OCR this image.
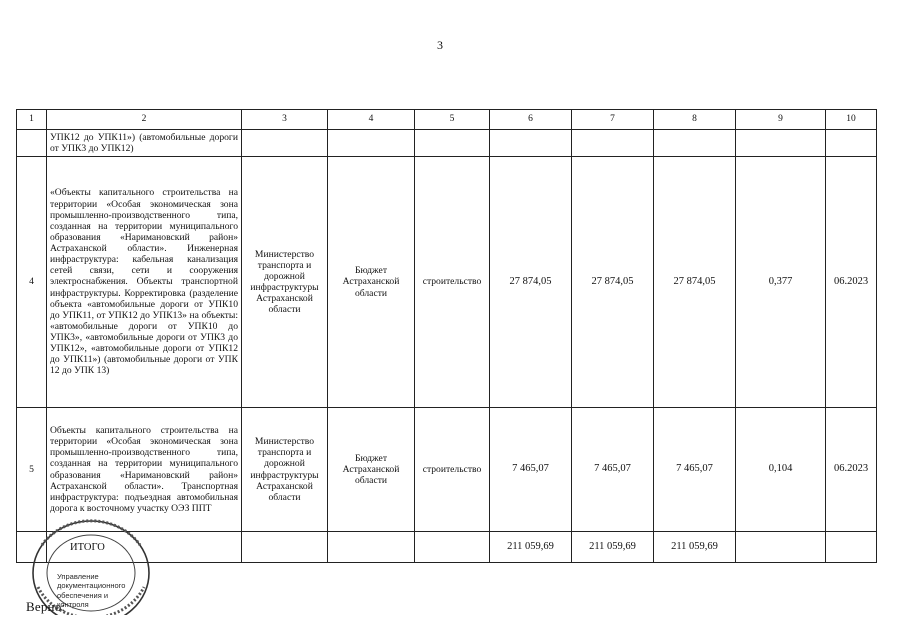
3
1	2	3	4	5	6	7	8	9	10
	УПК12 до УПК11») (автомобильные дороги от УПК3 до УПК12)								
4	«Объекты капитального строительства на территории «Особая экономическая зона промышленно-производственного типа, созданная на территории муниципального образования «Наримановский район» Астраханской области». Инженерная инфраструктура: кабельная канализация сетей связи, сети и сооружения электроснабжения. Объекты транспортной инфраструктуры. Корректировка (разделение объекта «автомобильные дороги от УПК10 до УПК11, от УПК12 до УПК13» на объекты: «автомобильные дороги от УПК10 до УПК3», «автомобильные дороги от УПК3 до УПК12», «автомобильные дороги от УПК12 до УПК11») (автомобильные дороги от УПК 12 до УПК 13)	Министерство транспорта и дорожной инфраструктуры Астраханской области	Бюджет Астраханской области	строительство	27 874,05	27 874,05	27 874,05	0,377	06.2023
5	Объекты капитального строительства на территории «Особая экономическая зона промышленно-производственного типа, созданная на территории муниципального образования «Наримановский район» Астраханской области». Транспортная инфраструктура: подъездная автомобильная дорога к восточному участку ОЭЗ ППТ	Министерство транспорта и дорожной инфраструктуры Астраханской области	Бюджет Астраханской области	строительство	7 465,07	7 465,07	7 465,07	0,104	06.2023
	ИТОГО				211 059,69	211 059,69	211 059,69		
Управление документационного обеспечения и контроля
Верно:
